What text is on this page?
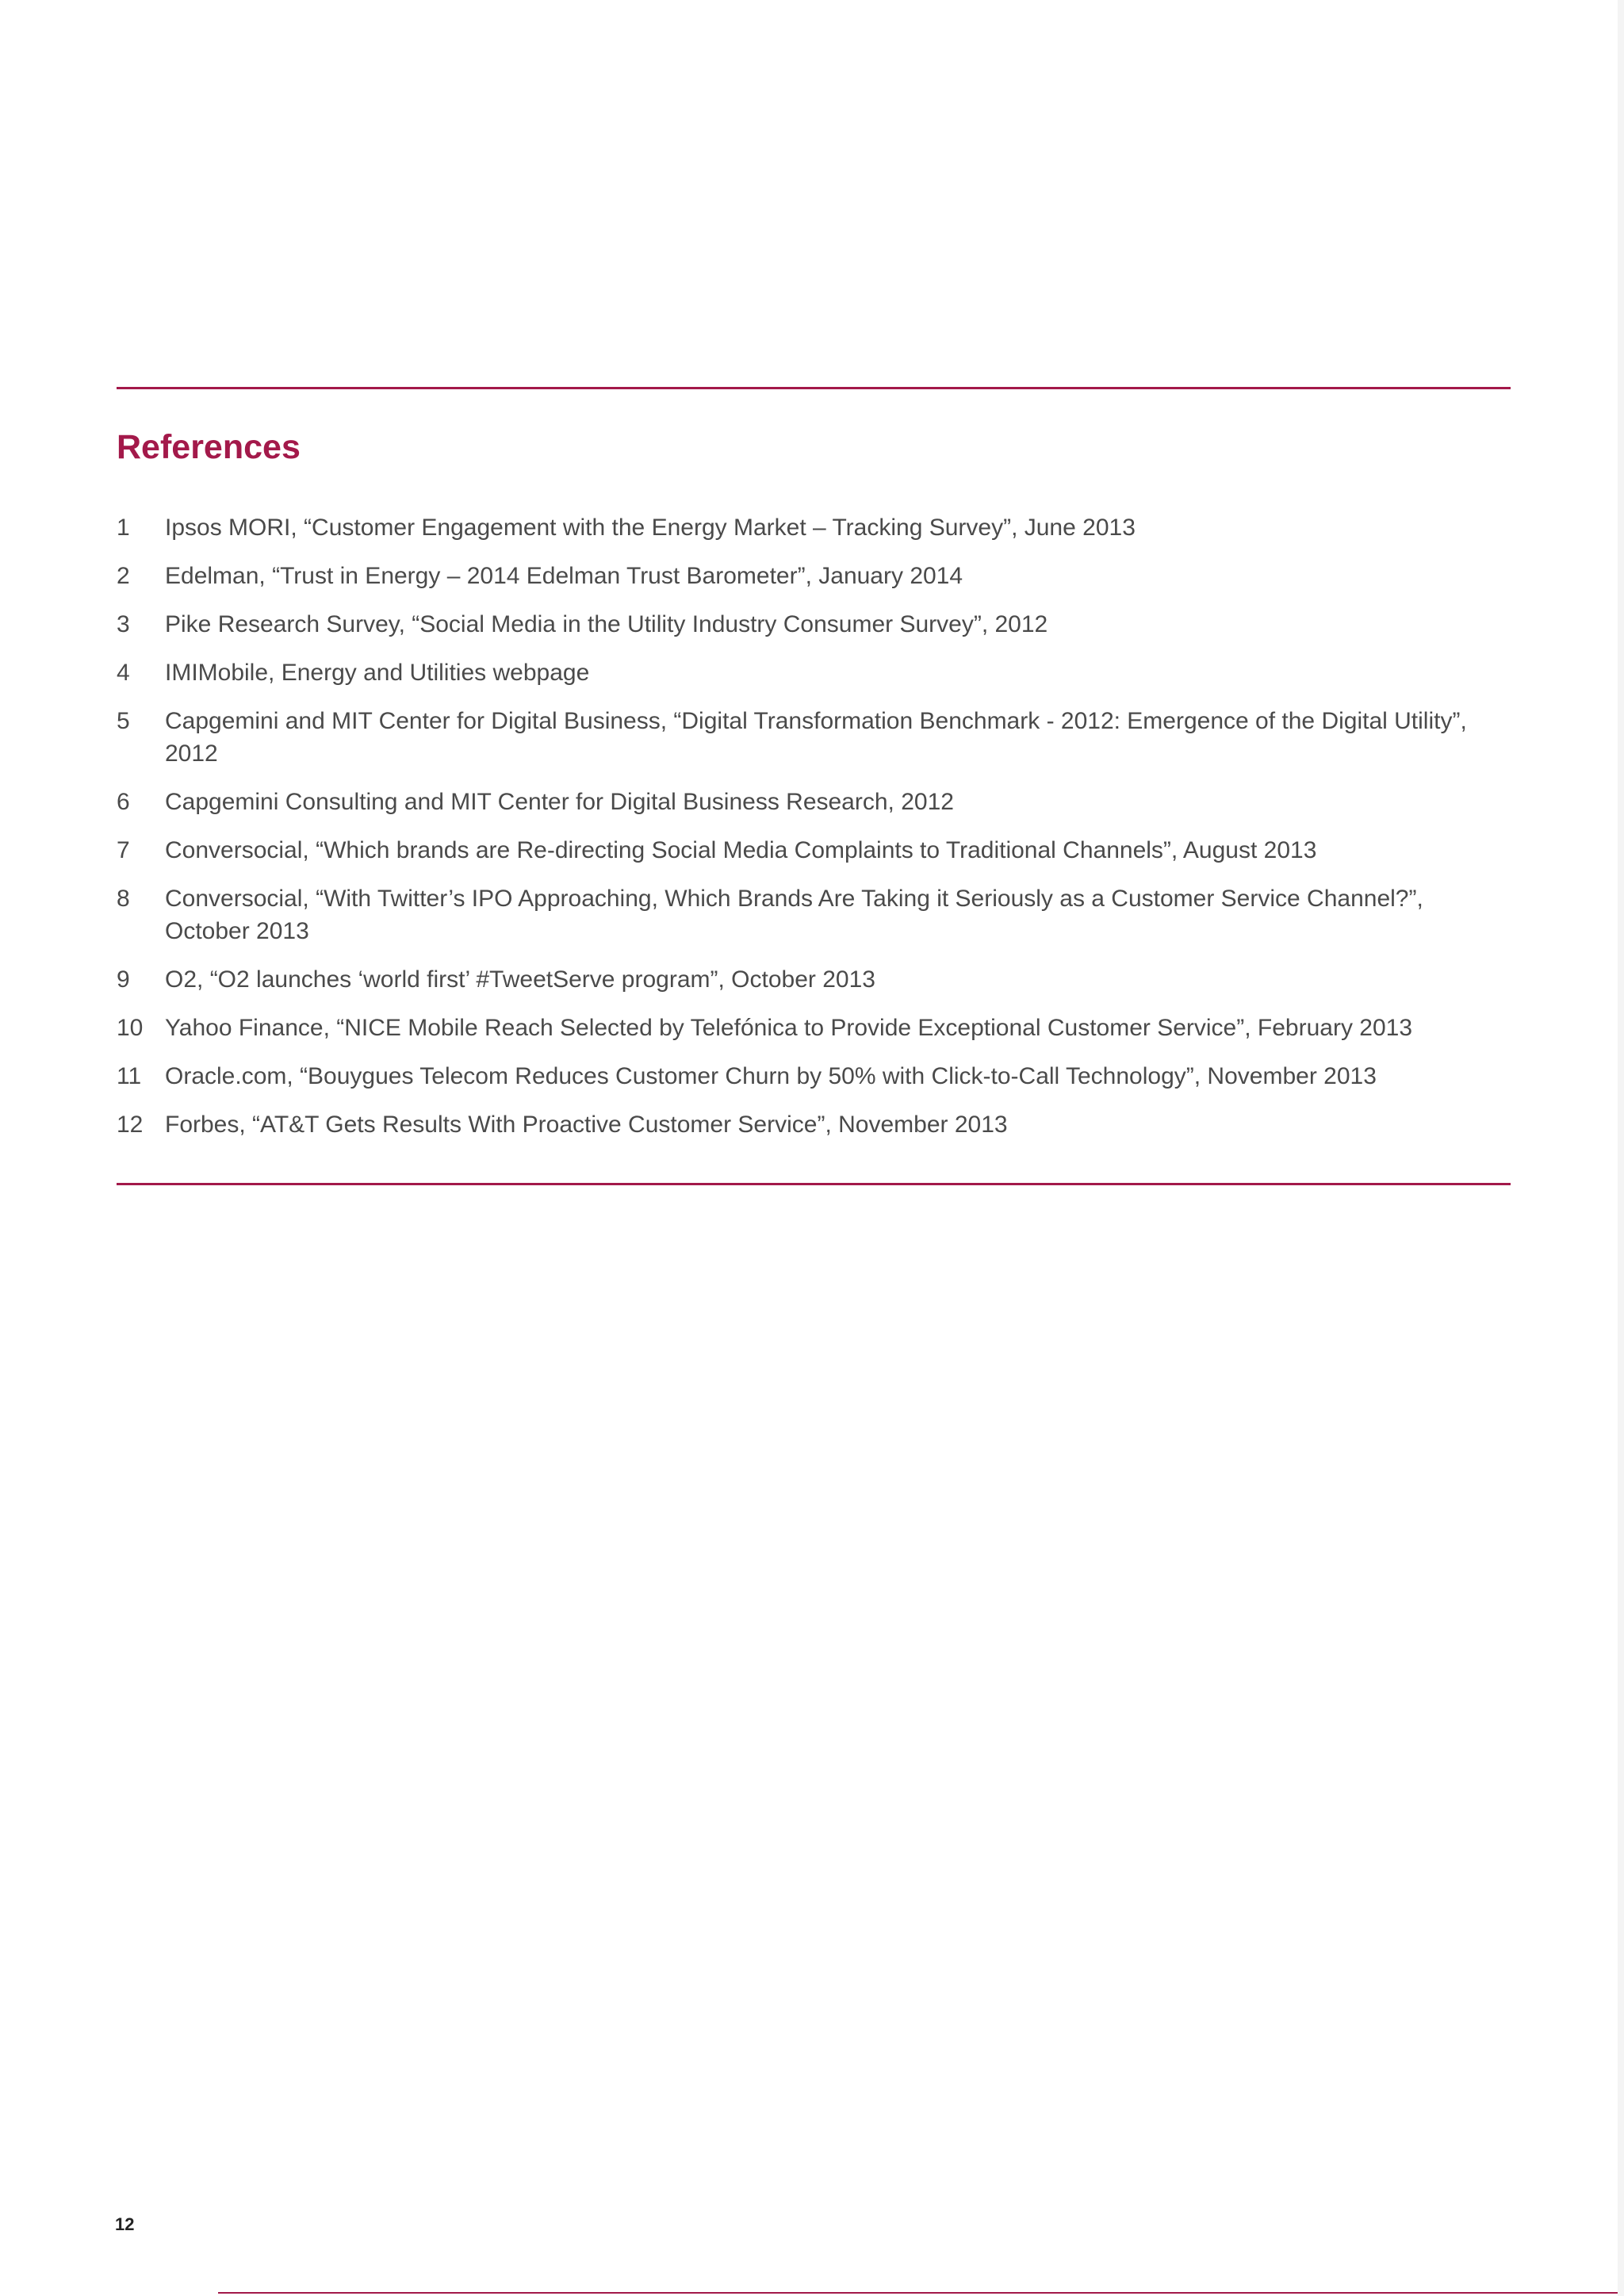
References
1	Ipsos MORI, “Customer Engagement with the Energy Market – Tracking Survey”, June 2013
2	Edelman, “Trust in Energy – 2014 Edelman Trust Barometer”, January 2014
3	Pike Research Survey, “Social Media in the Utility Industry Consumer Survey”, 2012
4	IMIMobile, Energy and Utilities webpage
5	Capgemini and MIT Center for Digital Business, “Digital Transformation Benchmark - 2012: Emergence of the Digital Utility”, 2012
6	Capgemini Consulting and MIT Center for Digital Business Research, 2012
7	Conversocial, “Which brands are Re-directing Social Media Complaints to Traditional Channels”, August 2013
8	Conversocial, “With Twitter’s IPO Approaching, Which Brands Are Taking it Seriously as a Customer Service Channel?”, October 2013
9	O2, “O2 launches ‘world first’ #TweetServe program”, October 2013
10 Yahoo Finance, “NICE Mobile Reach Selected by Telefónica to Provide Exceptional Customer Service”, February 2013
11 Oracle.com, “Bouygues Telecom Reduces Customer Churn by 50% with Click-to-Call Technology”, November 2013
12 Forbes, “AT&T Gets Results With Proactive Customer Service”, November 2013
12
